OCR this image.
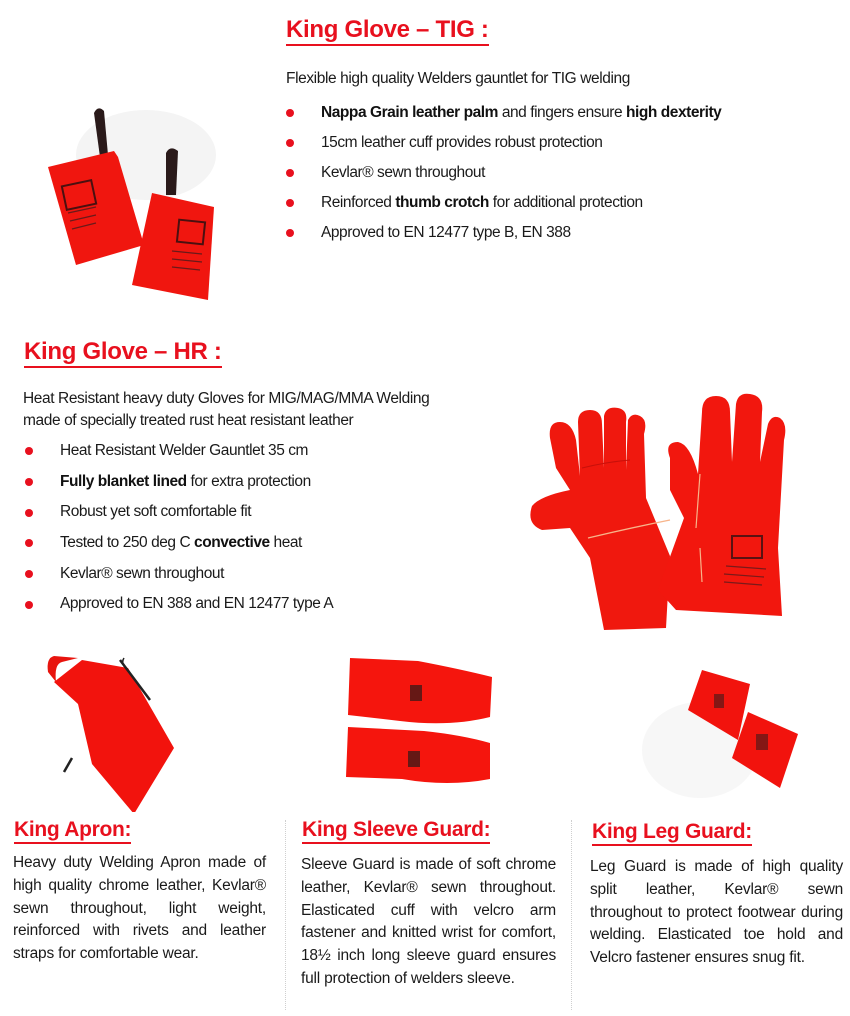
King Glove – TIG :

Flexible high quality Welders gauntlet for TIG welding

Nappa Grain leather palm and fingers ensure high dexterity
15cm leather cuff provides robust protection
Kevlar® sewn throughout
Reinforced thumb crotch for additional protection
Approved to EN 12477 type B, EN 388
King Glove – HR :

Heat Resistant heavy duty Gloves for MIG/MAG/MMA Welding

made of specially treated rust heat resistant leather

Heat Resistant Welder Gauntlet 35 cm
Fully blanket lined for extra protection
Robust yet soft comfortable fit
Tested to 250 deg C convective heat
Kevlar® sewn throughout
Approved to EN 388 and EN 12477 type A
King Apron:

Heavy duty Welding Apron made of high quality chrome leather, Kevlar® sewn throughout, light weight, reinforced with rivets and leather straps for comfortable wear.

King Sleeve Guard:

Sleeve Guard is made of soft chrome leather, Kevlar® sewn throughout. Elasticated cuff with velcro arm fastener and knitted wrist for comfort, 18½ inch long sleeve guard ensures full protection of welders sleeve.

King Leg Guard:

Leg Guard is made of high quality split leather, Kevlar® sewn throughout to protect footwear during welding. Elasticated toe hold and Velcro fastener ensures snug fit.
